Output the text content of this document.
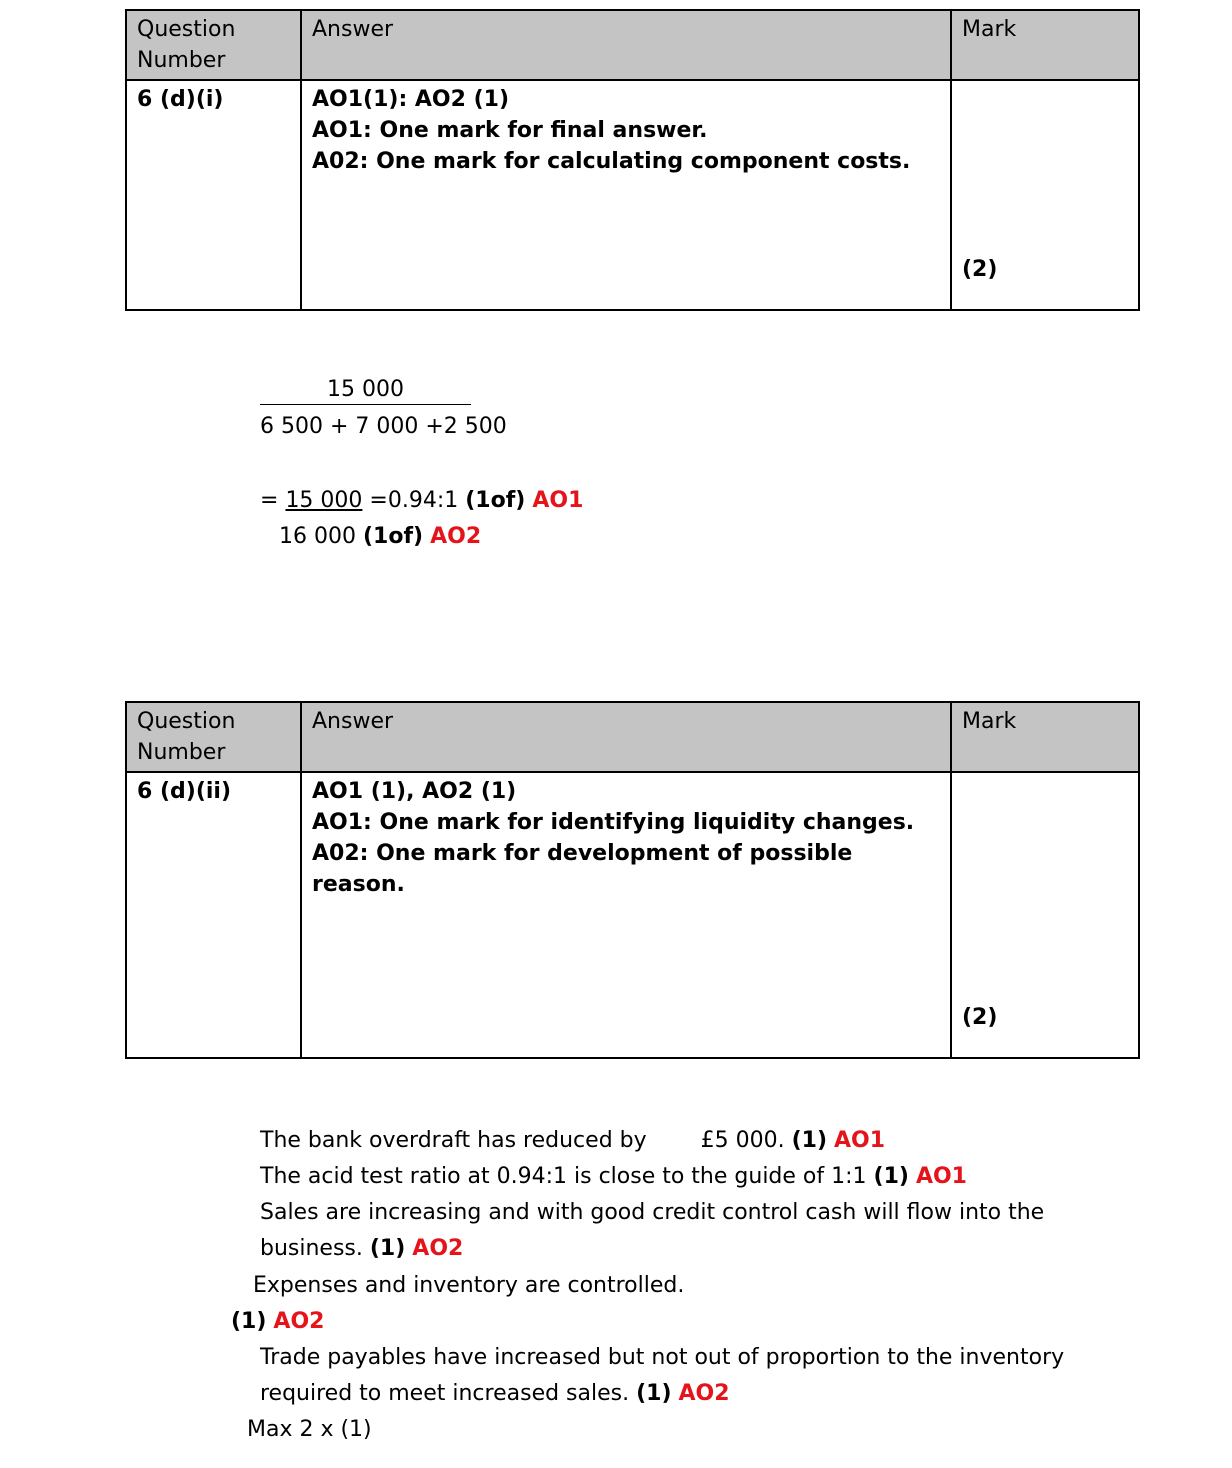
Question Number	Answer	Mark
6 (d)(i)	AO1(1): AO2 (1)
AO1: One mark for final answer.
A02: One mark for calculating component costs.	(2)
15 000
6 500 + 7 000 +2 500
= 15 000 =0.94:1 (1of) AO1
16 000 (1of) AO2
Question Number	Answer	Mark
6 (d)(ii)	AO1 (1), AO2 (1)
AO1: One mark for identifying liquidity changes.
A02: One mark for development of possible
reason.	(2)
The bank overdraft has reduced by £5 000. (1) AO1
The acid test ratio at 0.94:1 is close to the guide of 1:1 (1) AO1
Sales are increasing and with good credit control cash will flow into the
business. (1) AO2
Expenses and inventory are controlled.
(1) AO2
Trade payables have increased but not out of proportion to the inventory
required to meet increased sales. (1) AO2
Max 2 x (1)
